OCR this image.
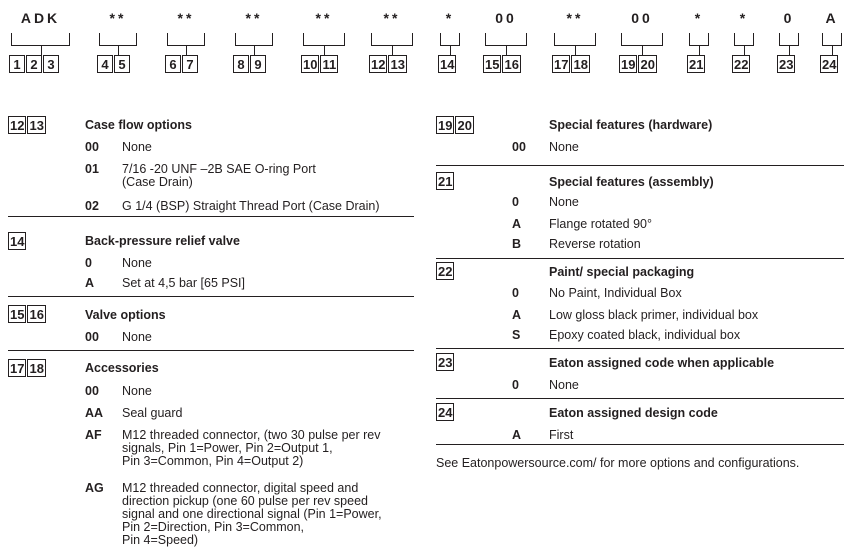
ADK
1 2 3
**
4 5
**
6 7
**
8 9
**
10 11
**
12 13
*
14
00
15 16
**
17 18
00
19 20
*
21
*
22
0
23
A
24
12 13	Case flow options
00 None
01 7/16 -20 UNF –2B SAE O-ring Port
(Case Drain)
02 G 1/4 (BSP) Straight Thread Port (Case Drain)
14	Back-pressure relief valve
0 None
A Set at 4,5 bar [65 PSI]
15 16	Valve options
00 None
17 18	Accessories
00 None
AA Seal guard
AF M12 threaded connector, (two 30 pulse per rev
signals, Pin 1=Power, Pin 2=Output 1,
Pin 3=Common, Pin 4=Output 2)
AG M12 threaded connector, digital speed and
direction pickup (one 60 pulse per rev speed
signal and one directional signal (Pin 1=Power,
Pin 2=Direction, Pin 3=Common,
Pin 4=Speed)
19 20	Special features (hardware)
00 None
21	Special features (assembly)
0 None
A Flange rotated 90°
B Reverse rotation
22	Paint/ special packaging
0 No Paint, Individual Box
A Low gloss black primer, individual box
S Epoxy coated black, individual box
23	Eaton assigned code when applicable
0 None
24	Eaton assigned design code
A First
See Eatonpowersource.com/ for more options and configurations.
